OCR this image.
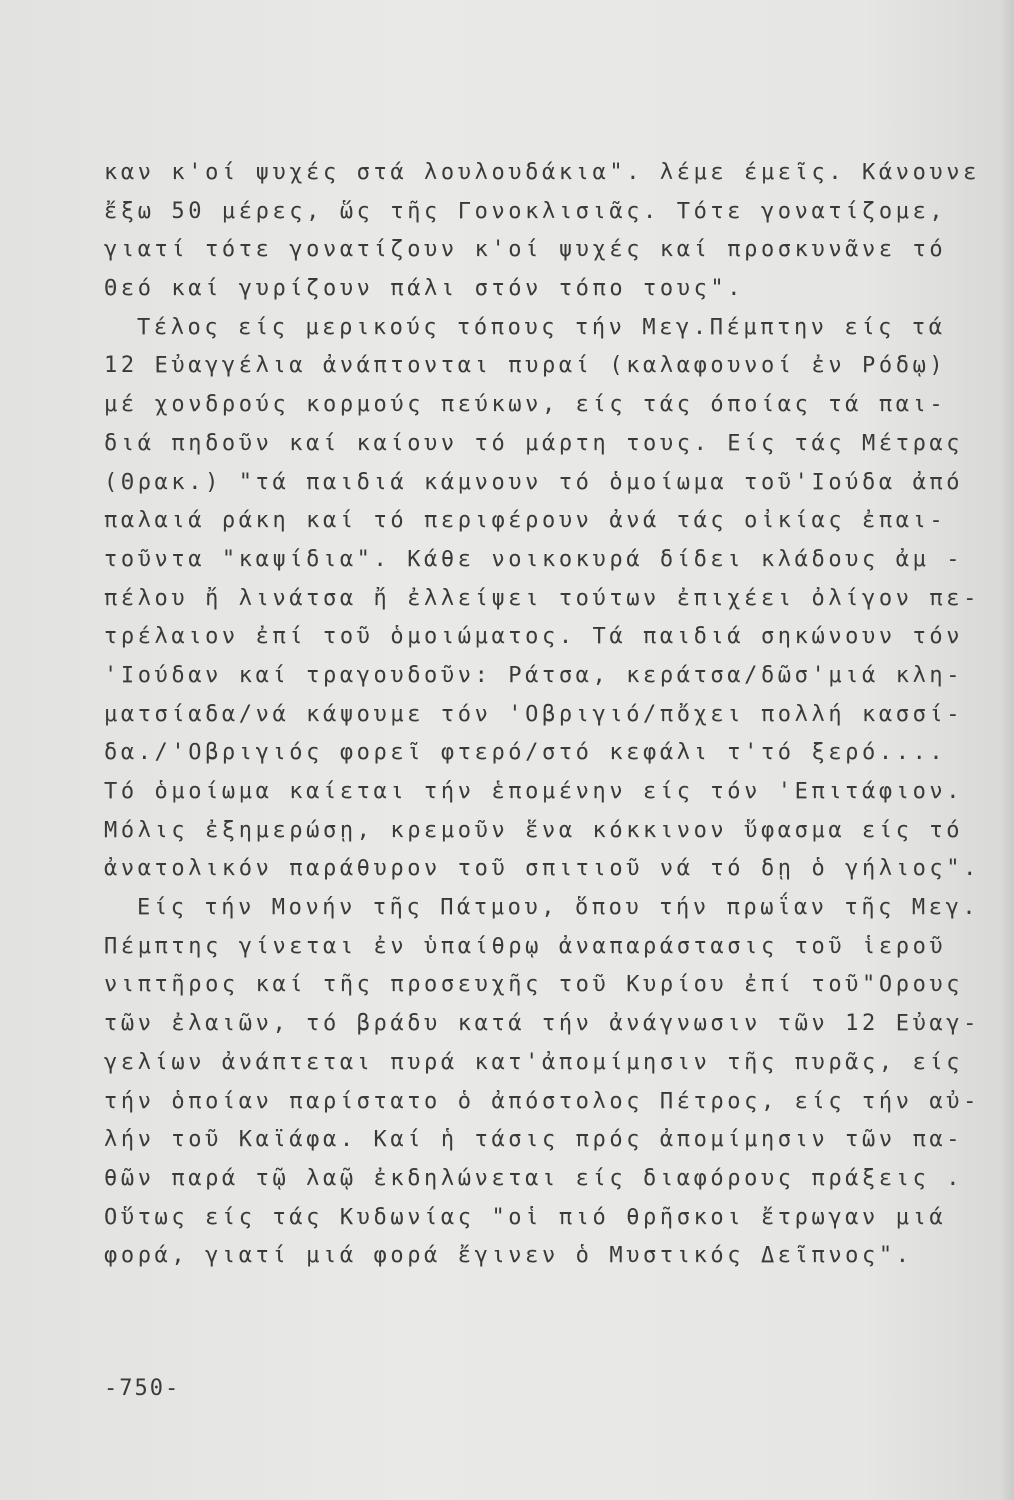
καν κ'οί ψυχές στά λουλουδάκια". λέμε έμεῖς. Κάνουνε
ἔξω 50 μέρες, ὥς τῆς Γονοκλισιᾶς. Τότε γονατίζομε,
γιατί τότε γονατίζουν κ'οί ψυχές καί προσκυνᾶνε τό
Θεό καί γυρίζουν πάλι στόν τόπο τους".
Τέλος είς μερικούς τόπους τήν Μεγ.Πέμπτην είς τά
12 Εὐαγγέλια ἀνάπτονται πυραί (καλαφουνοί ἐν Ρόδῳ)
μέ χονδρούς κορμούς πεύκων, είς τάς όποίας τά παι-
διά πηδοῦν καί καίουν τό μάρτη τους. Είς τάς Μέτρας
(Θρακ.) "τά παιδιά κάμνουν τό ὁμοίωμα τοῦ'Ιούδα ἀπό
παλαιά ράκη καί τό περιφέρουν ἀνά τάς οἰκίας ἐπαι-
τοῦντα "καψίδια". Κάθε νοικοκυρά δίδει κλάδους ἀμ -
πέλου ἤ λινάτσα ἤ ἐλλείψει τούτων ἐπιχέει ὀλίγον πε-
τρέλαιον ἐπί τοῦ ὁμοιώματος. Τά παιδιά σηκώνουν τόν
'Ιούδαν καί τραγουδοῦν: Ράτσα, κεράτσα/δῶσ'μιά κλη-
ματσίαδα/νά κάψουμε τόν 'Οβριγιό/πὄχει πολλή κασσί-
δα./'Οβριγιός φορεῖ φτερό/στό κεφάλι τ'τό ξερό....
Τό ὁμοίωμα καίεται τήν ἑπομένην είς τόν 'Επιτάφιον.
Μόλις ἐξημερώσῃ, κρεμοῦν ἕνα κόκκινον ὕφασμα είς τό
ἀνατολικόν παράθυρον τοῦ σπιτιοῦ νά τό δῃ ὁ γήλιος".
Είς τήν Μονήν τῆς Πάτμου, ὅπου τήν πρωΐαν τῆς Μεγ.
Πέμπτης γίνεται ἐν ὑπαίθρῳ ἀναπαράστασις τοῦ ἱεροῦ
νιπτῆρος καί τῆς προσευχῆς τοῦ Κυρίου ἐπί τοῦ"Ορους
τῶν ἐλαιῶν, τό βράδυ κατά τήν ἀνάγνωσιν τῶν 12 Εὐαγ-
γελίων ἀνάπτεται πυρά κατ'ἀπομίμησιν τῆς πυρᾶς, είς
τήν ὁποίαν παρίστατο ὁ ἀπόστολος Πέτρος, είς τήν αὐ-
λήν τοῦ Καϊάφα. Καί ἡ τάσις πρός ἀπομίμησιν τῶν πα-
θῶν παρά τῷ λαῷ ἐκδηλώνεται είς διαφόρους πράξεις .
Οὕτως είς τάς Κυδωνίας "οἱ πιό θρῆσκοι ἔτρωγαν μιά
φορά, γιατί μιά φορά ἔγινεν ὁ Μυστικός Δεῖπνος".
-750-
